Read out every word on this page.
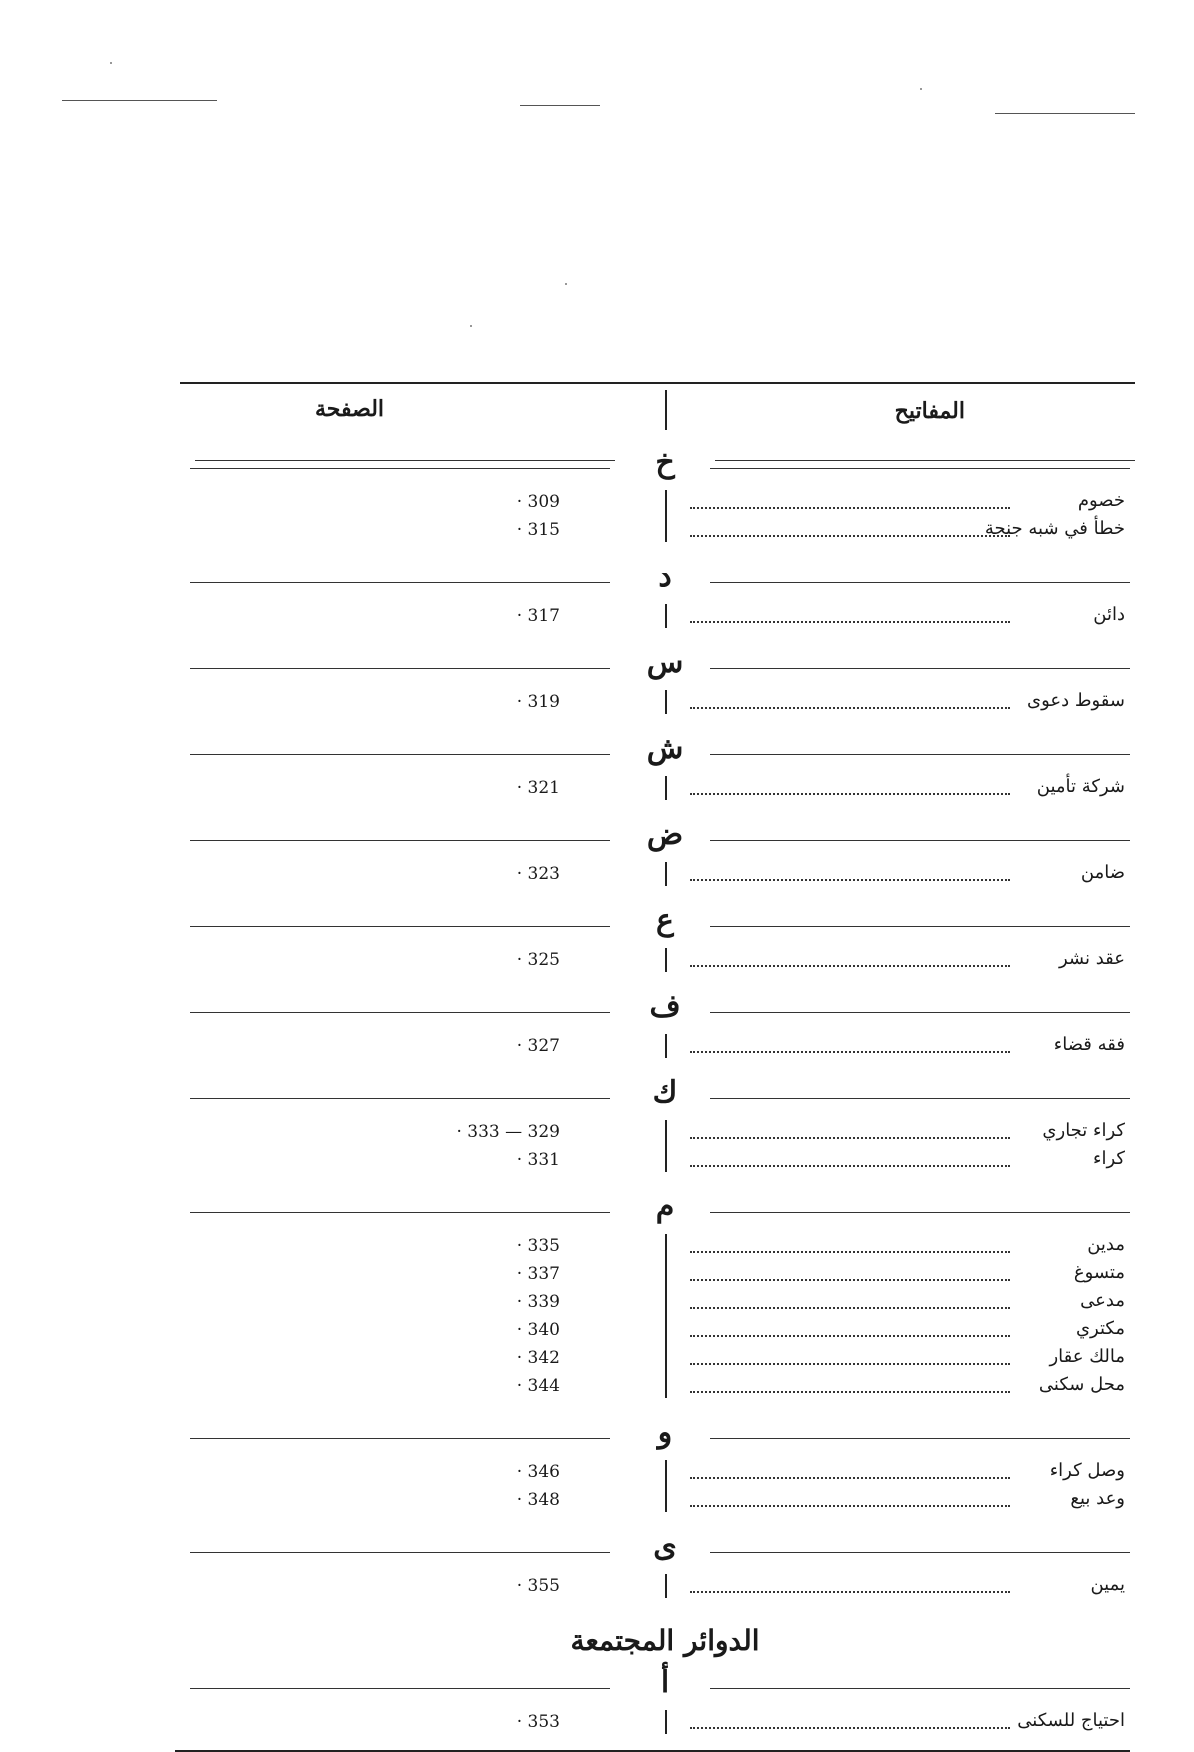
المفاتيح
الصفحة
خ
خصوم
· 309
خطأ في شبه جنحة
· 315
د
دائن
· 317
س
سقوط دعوى
· 319
ش
شركة تأمين
· 321
ض
ضامن
· 323
ع
عقد نشر
· 325
ف
فقه قضاء
· 327
ك
كراء تجاري
· 333 — 329
كراء
· 331
م
مدين
· 335
متسوغ
· 337
مدعى
· 339
مكتري
· 340
مالك عقار
· 342
محل سكنى
· 344
و
وصل كراء
· 346
وعد بيع
· 348
ى
يمين
· 355
الدوائر المجتمعة
أ
احتياج للسكنى
· 353
